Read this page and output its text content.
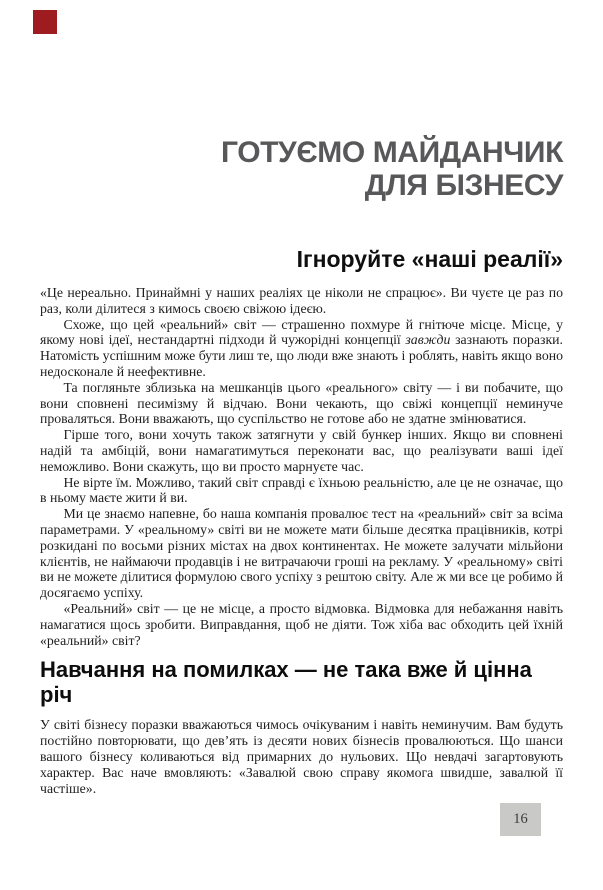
ГОТУЄМО МАЙДАНЧИК
ДЛЯ БІЗНЕСУ
Ігноруйте «наші реалії»

«Це нереально. Принаймні у наших реаліях це ніколи не спрацює». Ви чуєте це раз по раз, коли ділитеся з кимось своєю свіжою ідеєю.

Схоже, що цей «реальний» світ — страшенно похмуре й гнітюче місце. Місце, у якому нові ідеї, нестандартні підходи й чужорідні концепції завжди зазнають поразки. Натомість успішним може бути лиш те, що люди вже знають і роблять, навіть якщо воно недосконале й неефективне.

Та погляньте зблизька на мешканців цього «реального» світу — і ви побачите, що вони сповнені песимізму й відчаю. Вони чекають, що свіжі концепції неминуче проваляться. Вони вважають, що суспільство не готове або не здатне змінюватися.

Гірше того, вони хочуть також затягнути у свій бункер інших. Якщо ви сповнені надій та амбіцій, вони намагатимуться переконати вас, що реалізувати ваші ідеї неможливо. Вони скажуть, що ви просто марнуєте час.

Не вірте їм. Можливо, такий світ справді є їхньою реальністю, але це не означає, що в ньому маєте жити й ви.

Ми це знаємо напевне, бо наша компанія провалює тест на «реальний» світ за всіма параметрами. У «реальному» світі ви не можете мати більше десятка працівників, котрі розкидані по восьми різних містах на двох континентах. Не можете залучати мільйони клієнтів, не наймаючи продавців і не витрачаючи гроші на рекламу. У «реальному» світі ви не можете ділитися формулою свого успіху з рештою світу. Але ж ми все це робимо й досягаємо успіху.

«Реальний» світ — це не місце, а просто відмовка. Відмовка для небажання навіть намагатися щось зробити. Виправдання, щоб не діяти. Тож хіба вас обходить цей їхній «реальний» світ?

Навчання на помилках — не така вже й цінна річ

У світі бізнесу поразки вважаються чимось очікуваним і навіть неминучим. Вам будуть постійно повторювати, що дев’ять із десяти нових бізнесів провалюються. Що шанси вашого бізнесу коливаються від примарних до нульових. Що невдачі загартовують характер. Вас наче вмовляють: «Завалюй свою справу якомога швидше, завалюй її частіше».

16
